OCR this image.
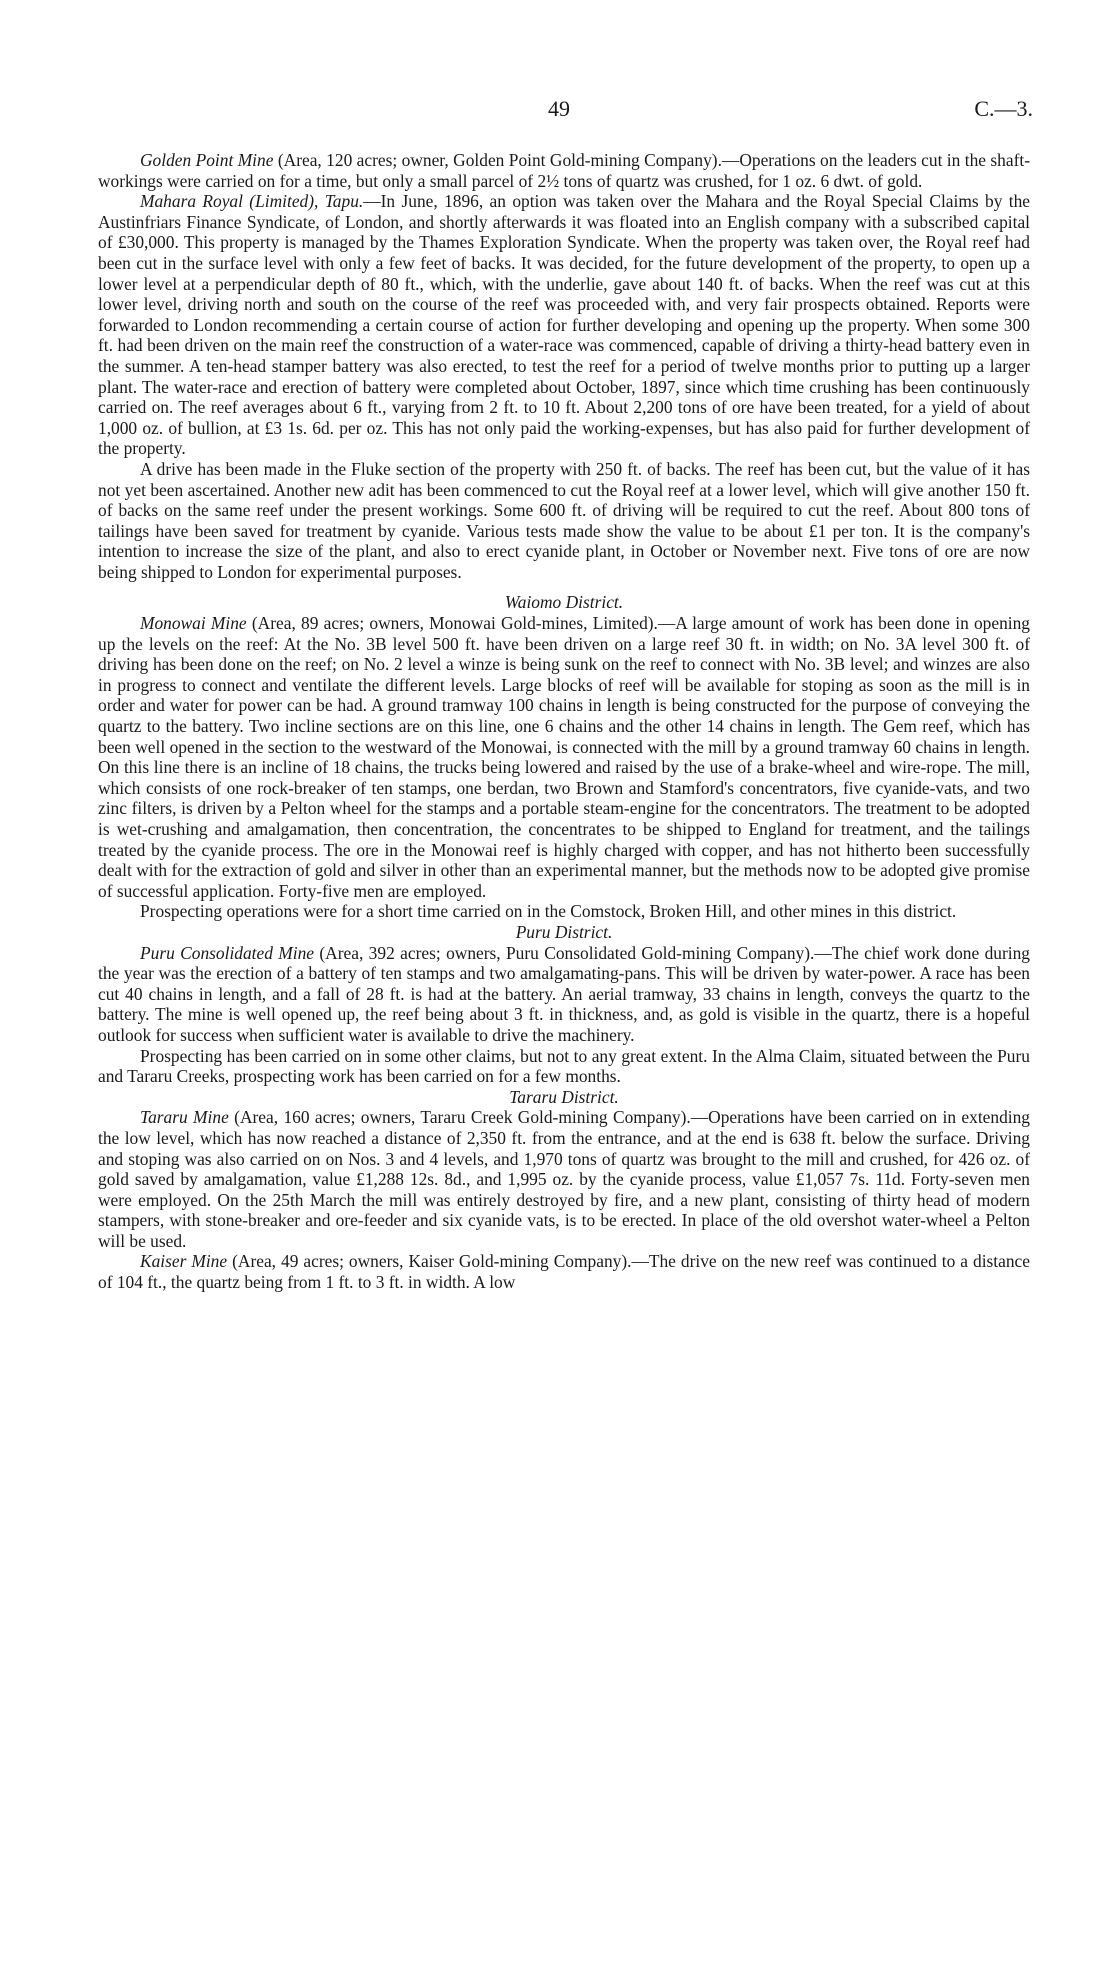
49	C.—3.

Golden Point Mine (Area, 120 acres; owner, Golden Point Gold-mining Company).—Operations on the leaders cut in the shaft-workings were carried on for a time, but only a small parcel of 2½ tons of quartz was crushed, for 1 oz. 6 dwt. of gold.

Mahara Royal (Limited), Tapu.—In June, 1896, an option was taken over the Mahara and the Royal Special Claims by the Austinfriars Finance Syndicate, of London, and shortly afterwards it was floated into an English company with a subscribed capital of £30,000. This property is managed by the Thames Exploration Syndicate. When the property was taken over, the Royal reef had been cut in the surface level with only a few feet of backs. It was decided, for the future development of the property, to open up a lower level at a perpendicular depth of 80 ft., which, with the underlie, gave about 140 ft. of backs. When the reef was cut at this lower level, driving north and south on the course of the reef was proceeded with, and very fair prospects obtained. Reports were forwarded to London recommending a certain course of action for further developing and opening up the property. When some 300 ft. had been driven on the main reef the construction of a water-race was commenced, capable of driving a thirty-head battery even in the summer. A ten-head stamper battery was also erected, to test the reef for a period of twelve months prior to putting up a larger plant. The water-race and erection of battery were completed about October, 1897, since which time crushing has been continuously carried on. The reef averages about 6 ft., varying from 2 ft. to 10 ft. About 2,200 tons of ore have been treated, for a yield of about 1,000 oz. of bullion, at £3 1s. 6d. per oz. This has not only paid the working-expenses, but has also paid for further development of the property.

A drive has been made in the Fluke section of the property with 250 ft. of backs. The reef has been cut, but the value of it has not yet been ascertained. Another new adit has been commenced to cut the Royal reef at a lower level, which will give another 150 ft. of backs on the same reef under the present workings. Some 600 ft. of driving will be required to cut the reef. About 800 tons of tailings have been saved for treatment by cyanide. Various tests made show the value to be about £1 per ton. It is the company's intention to increase the size of the plant, and also to erect cyanide plant, in October or November next. Five tons of ore are now being shipped to London for experimental purposes.

Waiomo District.

Monowai Mine (Area, 89 acres; owners, Monowai Gold-mines, Limited).—A large amount of work has been done in opening up the levels on the reef: At the No. 3B level 500 ft. have been driven on a large reef 30 ft. in width; on No. 3A level 300 ft. of driving has been done on the reef; on No. 2 level a winze is being sunk on the reef to connect with No. 3B level; and winzes are also in progress to connect and ventilate the different levels. Large blocks of reef will be available for stoping as soon as the mill is in order and water for power can be had. A ground tramway 100 chains in length is being constructed for the purpose of conveying the quartz to the battery. Two incline sections are on this line, one 6 chains and the other 14 chains in length. The Gem reef, which has been well opened in the section to the westward of the Monowai, is connected with the mill by a ground tramway 60 chains in length. On this line there is an incline of 18 chains, the trucks being lowered and raised by the use of a brake-wheel and wire-rope. The mill, which consists of one rock-breaker of ten stamps, one berdan, two Brown and Stamford's concentrators, five cyanide-vats, and two zinc filters, is driven by a Pelton wheel for the stamps and a portable steam-engine for the concentrators. The treatment to be adopted is wet-crushing and amalgamation, then concentration, the concentrates to be shipped to England for treatment, and the tailings treated by the cyanide process. The ore in the Monowai reef is highly charged with copper, and has not hitherto been successfully dealt with for the extraction of gold and silver in other than an experimental manner, but the methods now to be adopted give promise of successful application. Forty-five men are employed.

Prospecting operations were for a short time carried on in the Comstock, Broken Hill, and other mines in this district.

Puru District.

Puru Consolidated Mine (Area, 392 acres; owners, Puru Consolidated Gold-mining Company).—The chief work done during the year was the erection of a battery of ten stamps and two amalgamating-pans. This will be driven by water-power. A race has been cut 40 chains in length, and a fall of 28 ft. is had at the battery. An aerial tramway, 33 chains in length, conveys the quartz to the battery. The mine is well opened up, the reef being about 3 ft. in thickness, and, as gold is visible in the quartz, there is a hopeful outlook for success when sufficient water is available to drive the machinery.

Prospecting has been carried on in some other claims, but not to any great extent. In the Alma Claim, situated between the Puru and Tararu Creeks, prospecting work has been carried on for a few months.

Tararu District.

Tararu Mine (Area, 160 acres; owners, Tararu Creek Gold-mining Company).—Operations have been carried on in extending the low level, which has now reached a distance of 2,350 ft. from the entrance, and at the end is 638 ft. below the surface. Driving and stoping was also carried on on Nos. 3 and 4 levels, and 1,970 tons of quartz was brought to the mill and crushed, for 426 oz. of gold saved by amalgamation, value £1,288 12s. 8d., and 1,995 oz. by the cyanide process, value £1,057 7s. 11d. Forty-seven men were employed. On the 25th March the mill was entirely destroyed by fire, and a new plant, consisting of thirty head of modern stampers, with stone-breaker and ore-feeder and six cyanide vats, is to be erected. In place of the old overshot water-wheel a Pelton will be used.

Kaiser Mine (Area, 49 acres; owners, Kaiser Gold-mining Company).—The drive on the new reef was continued to a distance of 104 ft., the quartz being from 1 ft. to 3 ft. in width. A low
